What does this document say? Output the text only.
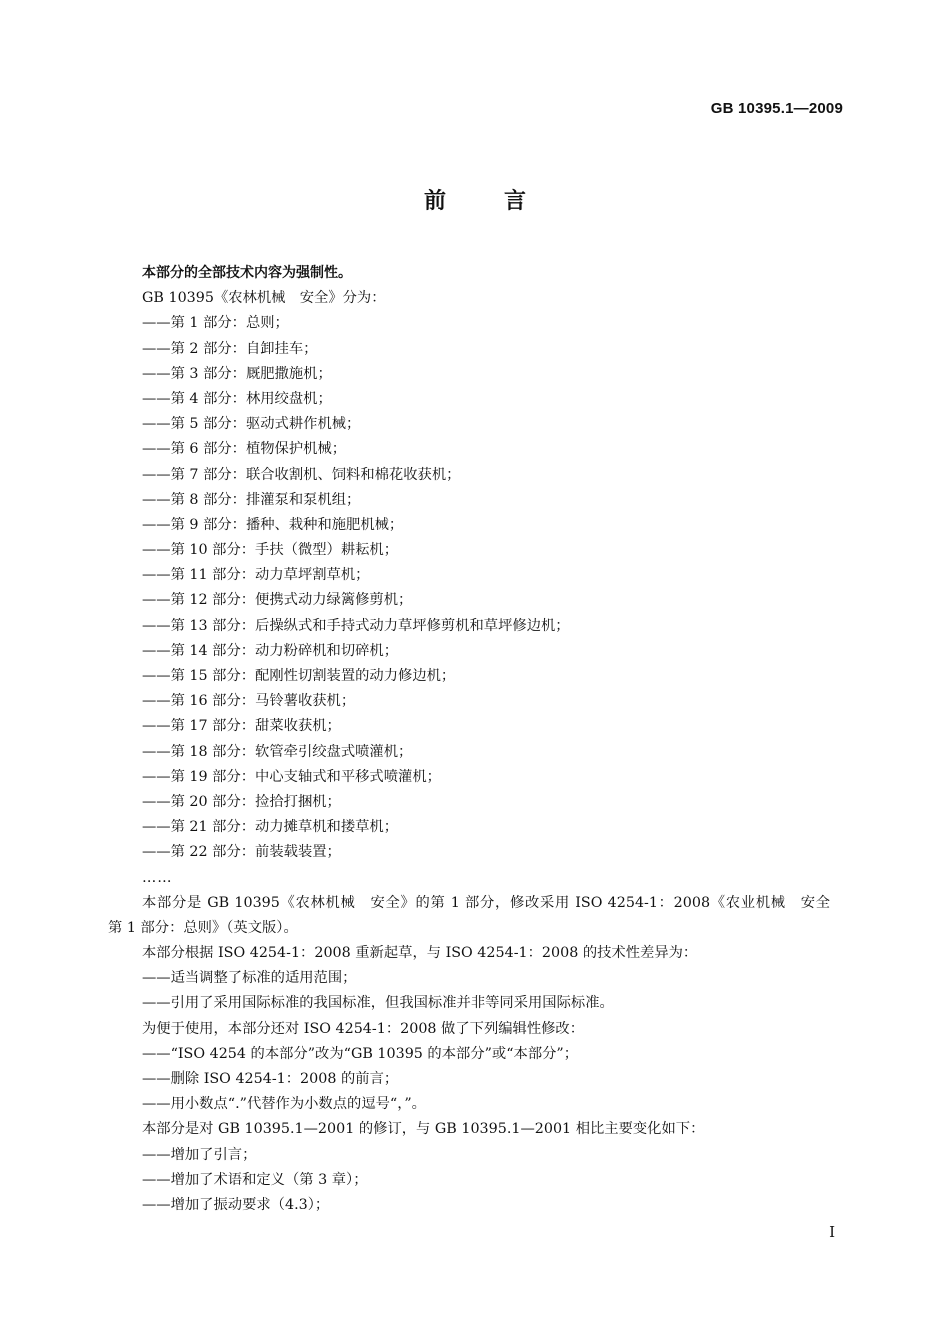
GB 10395.1—2009
前言
本部分的全部技术内容为强制性。
GB 10395《农林机械　安全》分为：
——第 1 部分：总则；
——第 2 部分：自卸挂车；
——第 3 部分：厩肥撒施机；
——第 4 部分：林用绞盘机；
——第 5 部分：驱动式耕作机械；
——第 6 部分：植物保护机械；
——第 7 部分：联合收割机、饲料和棉花收获机；
——第 8 部分：排灌泵和泵机组；
——第 9 部分：播种、栽种和施肥机械；
——第 10 部分：手扶（微型）耕耘机；
——第 11 部分：动力草坪割草机；
——第 12 部分：便携式动力绿篱修剪机；
——第 13 部分：后操纵式和手持式动力草坪修剪机和草坪修边机；
——第 14 部分：动力粉碎机和切碎机；
——第 15 部分：配刚性切割装置的动力修边机；
——第 16 部分：马铃薯收获机；
——第 17 部分：甜菜收获机；
——第 18 部分：软管牵引绞盘式喷灌机；
——第 19 部分：中心支轴式和平移式喷灌机；
——第 20 部分：捡拾打捆机；
——第 21 部分：动力摊草机和搂草机；
——第 22 部分：前装载装置；
……
本部分是 GB 10395《农林机械　安全》的第 1 部分，修改采用 ISO 4254-1：2008《农业机械　安全　第 1 部分：总则》（英文版）。
本部分根据 ISO 4254-1：2008 重新起草，与 ISO 4254-1：2008 的技术性差异为：
——适当调整了标准的适用范围；
——引用了采用国际标准的我国标准，但我国标准并非等同采用国际标准。
为便于使用，本部分还对 ISO 4254-1：2008 做了下列编辑性修改：
——“ISO 4254 的本部分”改为“GB 10395 的本部分”或“本部分”；
——删除 ISO 4254-1：2008 的前言；
——用小数点“.”代替作为小数点的逗号“，”。
本部分是对 GB 10395.1—2001 的修订，与 GB 10395.1—2001 相比主要变化如下：
——增加了引言；
——增加了术语和定义（第 3 章）；
——增加了振动要求（4.3）；
I
